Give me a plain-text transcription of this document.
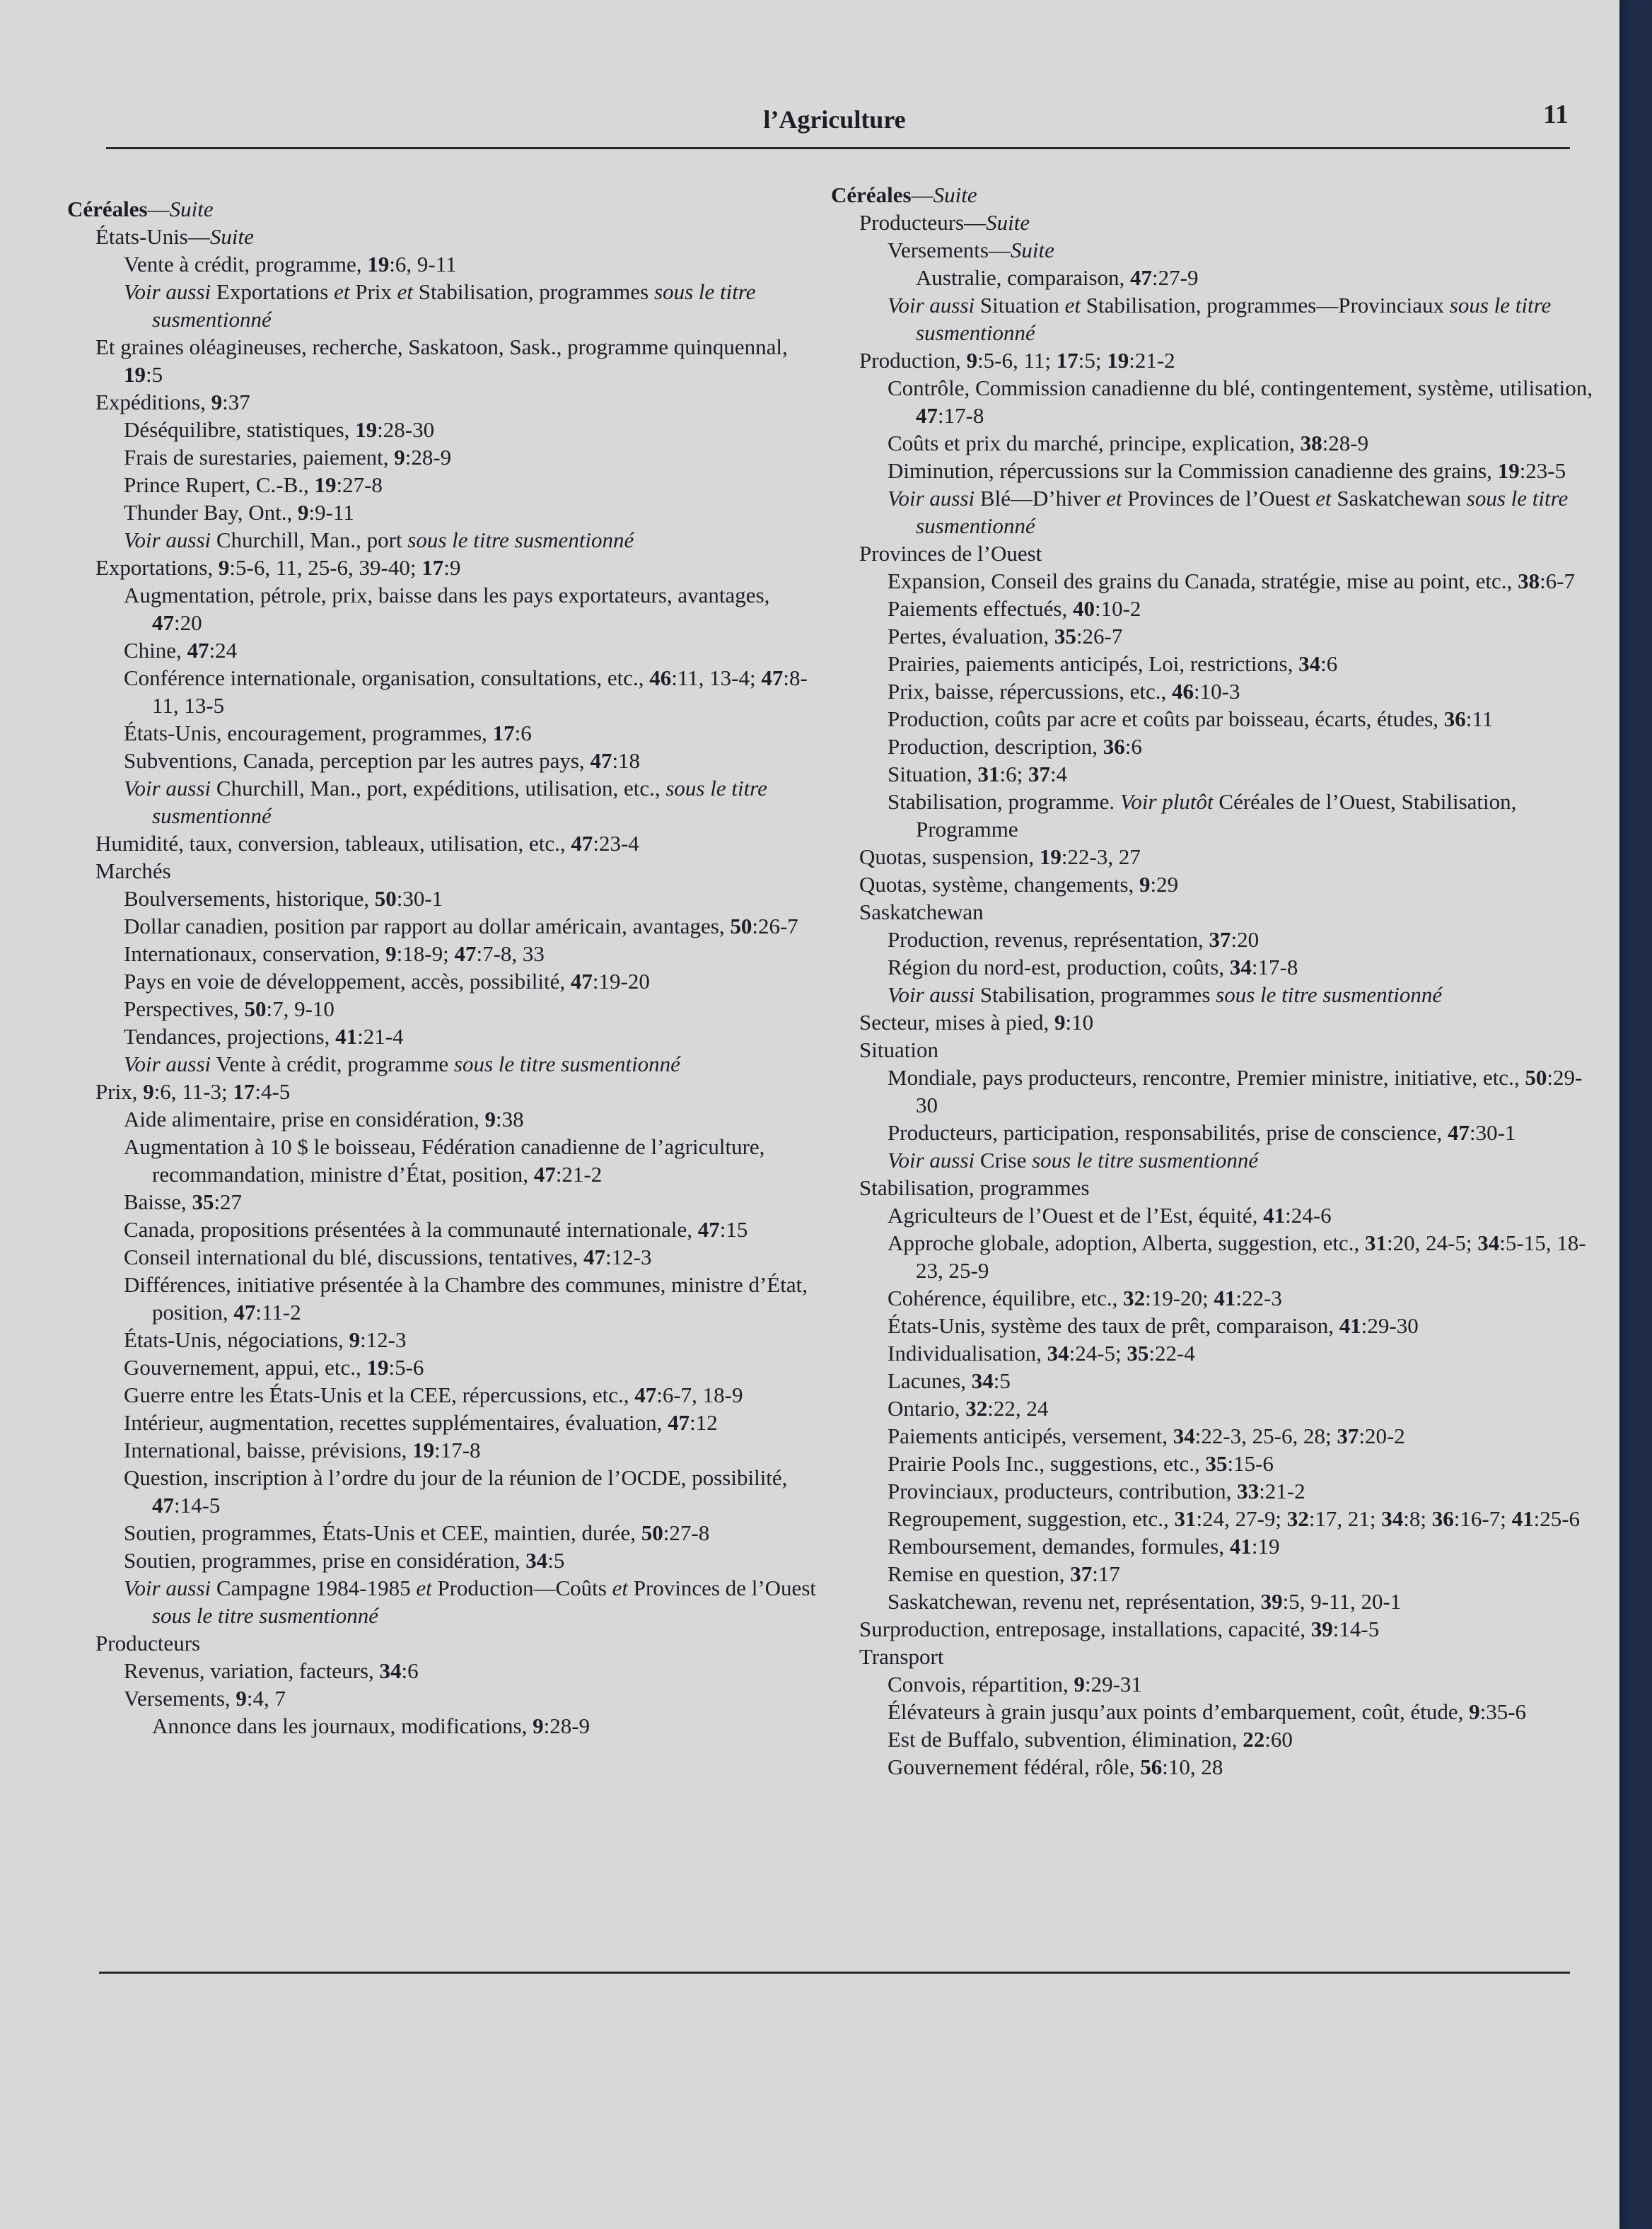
l’Agriculture	11
Céréales—Suite
États-Unis—Suite
Vente à crédit, programme, 19:6, 9-11
Voir aussi Exportations et Prix et Stabilisation, programmes sous le titre susmentionné
Et graines oléagineuses, recherche, Saskatoon, Sask., programme quinquennal, 19:5
Expéditions, 9:37
Déséquilibre, statistiques, 19:28-30
Frais de surestaries, paiement, 9:28-9
Prince Rupert, C.-B., 19:27-8
Thunder Bay, Ont., 9:9-11
Voir aussi Churchill, Man., port sous le titre susmentionné
Exportations, 9:5-6, 11, 25-6, 39-40; 17:9
Augmentation, pétrole, prix, baisse dans les pays exportateurs, avantages, 47:20
Chine, 47:24
Conférence internationale, organisation, consultations, etc., 46:11, 13-4; 47:8-11, 13-5
États-Unis, encouragement, programmes, 17:6
Subventions, Canada, perception par les autres pays, 47:18
Voir aussi Churchill, Man., port, expéditions, utilisation, etc., sous le titre susmentionné
Humidité, taux, conversion, tableaux, utilisation, etc., 47:23-4
Marchés
Boulversements, historique, 50:30-1
Dollar canadien, position par rapport au dollar américain, avantages, 50:26-7
Internationaux, conservation, 9:18-9; 47:7-8, 33
Pays en voie de développement, accès, possibilité, 47:19-20
Perspectives, 50:7, 9-10
Tendances, projections, 41:21-4
Voir aussi Vente à crédit, programme sous le titre susmentionné
Prix, 9:6, 11-3; 17:4-5
Aide alimentaire, prise en considération, 9:38
Augmentation à 10 $ le boisseau, Fédération canadienne de l’agriculture, recommandation, ministre d’État, position, 47:21-2
Baisse, 35:27
Canada, propositions présentées à la communauté internationale, 47:15
Conseil international du blé, discussions, tentatives, 47:12-3
Différences, initiative présentée à la Chambre des communes, ministre d’État, position, 47:11-2
États-Unis, négociations, 9:12-3
Gouvernement, appui, etc., 19:5-6
Guerre entre les États-Unis et la CEE, répercussions, etc., 47:6-7, 18-9
Intérieur, augmentation, recettes supplémentaires, évaluation, 47:12
International, baisse, prévisions, 19:17-8
Question, inscription à l’ordre du jour de la réunion de l’OCDE, possibilité, 47:14-5
Soutien, programmes, États-Unis et CEE, maintien, durée, 50:27-8
Soutien, programmes, prise en considération, 34:5
Voir aussi Campagne 1984-1985 et Production—Coûts et Provinces de l’Ouest sous le titre susmentionné
Producteurs
Revenus, variation, facteurs, 34:6
Versements, 9:4, 7
Annonce dans les journaux, modifications, 9:28-9
Céréales—Suite
Producteurs—Suite
Versements—Suite
Australie, comparaison, 47:27-9
Voir aussi Situation et Stabilisation, programmes—Provinciaux sous le titre susmentionné
Production, 9:5-6, 11; 17:5; 19:21-2
Contrôle, Commission canadienne du blé, contingentement, système, utilisation, 47:17-8
Coûts et prix du marché, principe, explication, 38:28-9
Diminution, répercussions sur la Commission canadienne des grains, 19:23-5
Voir aussi Blé—D’hiver et Provinces de l’Ouest et Saskatchewan sous le titre susmentionné
Provinces de l’Ouest
Expansion, Conseil des grains du Canada, stratégie, mise au point, etc., 38:6-7
Paiements effectués, 40:10-2
Pertes, évaluation, 35:26-7
Prairies, paiements anticipés, Loi, restrictions, 34:6
Prix, baisse, répercussions, etc., 46:10-3
Production, coûts par acre et coûts par boisseau, écarts, études, 36:11
Production, description, 36:6
Situation, 31:6; 37:4
Stabilisation, programme. Voir plutôt Céréales de l’Ouest, Stabilisation, Programme
Quotas, suspension, 19:22-3, 27
Quotas, système, changements, 9:29
Saskatchewan
Production, revenus, représentation, 37:20
Région du nord-est, production, coûts, 34:17-8
Voir aussi Stabilisation, programmes sous le titre susmentionné
Secteur, mises à pied, 9:10
Situation
Mondiale, pays producteurs, rencontre, Premier ministre, initiative, etc., 50:29-30
Producteurs, participation, responsabilités, prise de conscience, 47:30-1
Voir aussi Crise sous le titre susmentionné
Stabilisation, programmes
Agriculteurs de l’Ouest et de l’Est, équité, 41:24-6
Approche globale, adoption, Alberta, suggestion, etc., 31:20, 24-5; 34:5-15, 18-23, 25-9
Cohérence, équilibre, etc., 32:19-20; 41:22-3
États-Unis, système des taux de prêt, comparaison, 41:29-30
Individualisation, 34:24-5; 35:22-4
Lacunes, 34:5
Ontario, 32:22, 24
Paiements anticipés, versement, 34:22-3, 25-6, 28; 37:20-2
Prairie Pools Inc., suggestions, etc., 35:15-6
Provinciaux, producteurs, contribution, 33:21-2
Regroupement, suggestion, etc., 31:24, 27-9; 32:17, 21; 34:8; 36:16-7; 41:25-6
Remboursement, demandes, formules, 41:19
Remise en question, 37:17
Saskatchewan, revenu net, représentation, 39:5, 9-11, 20-1
Surproduction, entreposage, installations, capacité, 39:14-5
Transport
Convois, répartition, 9:29-31
Élévateurs à grain jusqu’aux points d’embarquement, coût, étude, 9:35-6
Est de Buffalo, subvention, élimination, 22:60
Gouvernement fédéral, rôle, 56:10, 28
